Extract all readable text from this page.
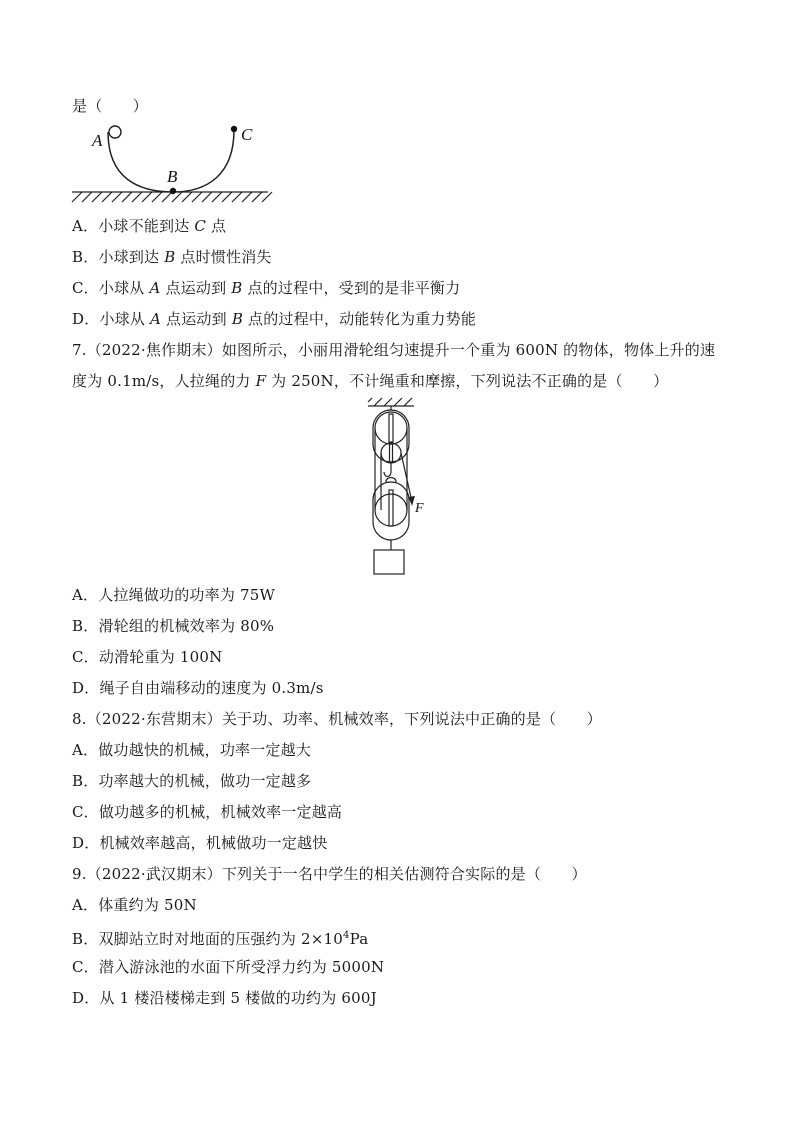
是（　　）
A
B
C
A．小球不能到达 C 点
B．小球到达 B 点时惯性消失
C．小球从 A 点运动到 B 点的过程中，受到的是非平衡力
D．小球从 A 点运动到 B 点的过程中，动能转化为重力势能
7.（2022·焦作期末）如图所示，小丽用滑轮组匀速提升一个重为 600N 的物体，物体上升的速
度为 0.1m/s，人拉绳的力 F 为 250N，不计绳重和摩擦，下列说法不正确的是（　　）
F
A．人拉绳做功的功率为 75W
B．滑轮组的机械效率为 80%
C．动滑轮重为 100N
D．绳子自由端移动的速度为 0.3m/s
8.（2022·东营期末）关于功、功率、机械效率，下列说法中正确的是（　　）
A．做功越快的机械，功率一定越大
B．功率越大的机械，做功一定越多
C．做功越多的机械，机械效率一定越高
D．机械效率越高，机械做功一定越快
9.（2022·武汉期末）下列关于一名中学生的相关估测符合实际的是（　　）
A．体重约为 50N
B．双脚站立时对地面的压强约为 $2\times 10^4Pa$
C．潜入游泳池的水面下所受浮力约为 5000N
D．从 1 楼沿楼梯走到 5 楼做的功约为 600J
